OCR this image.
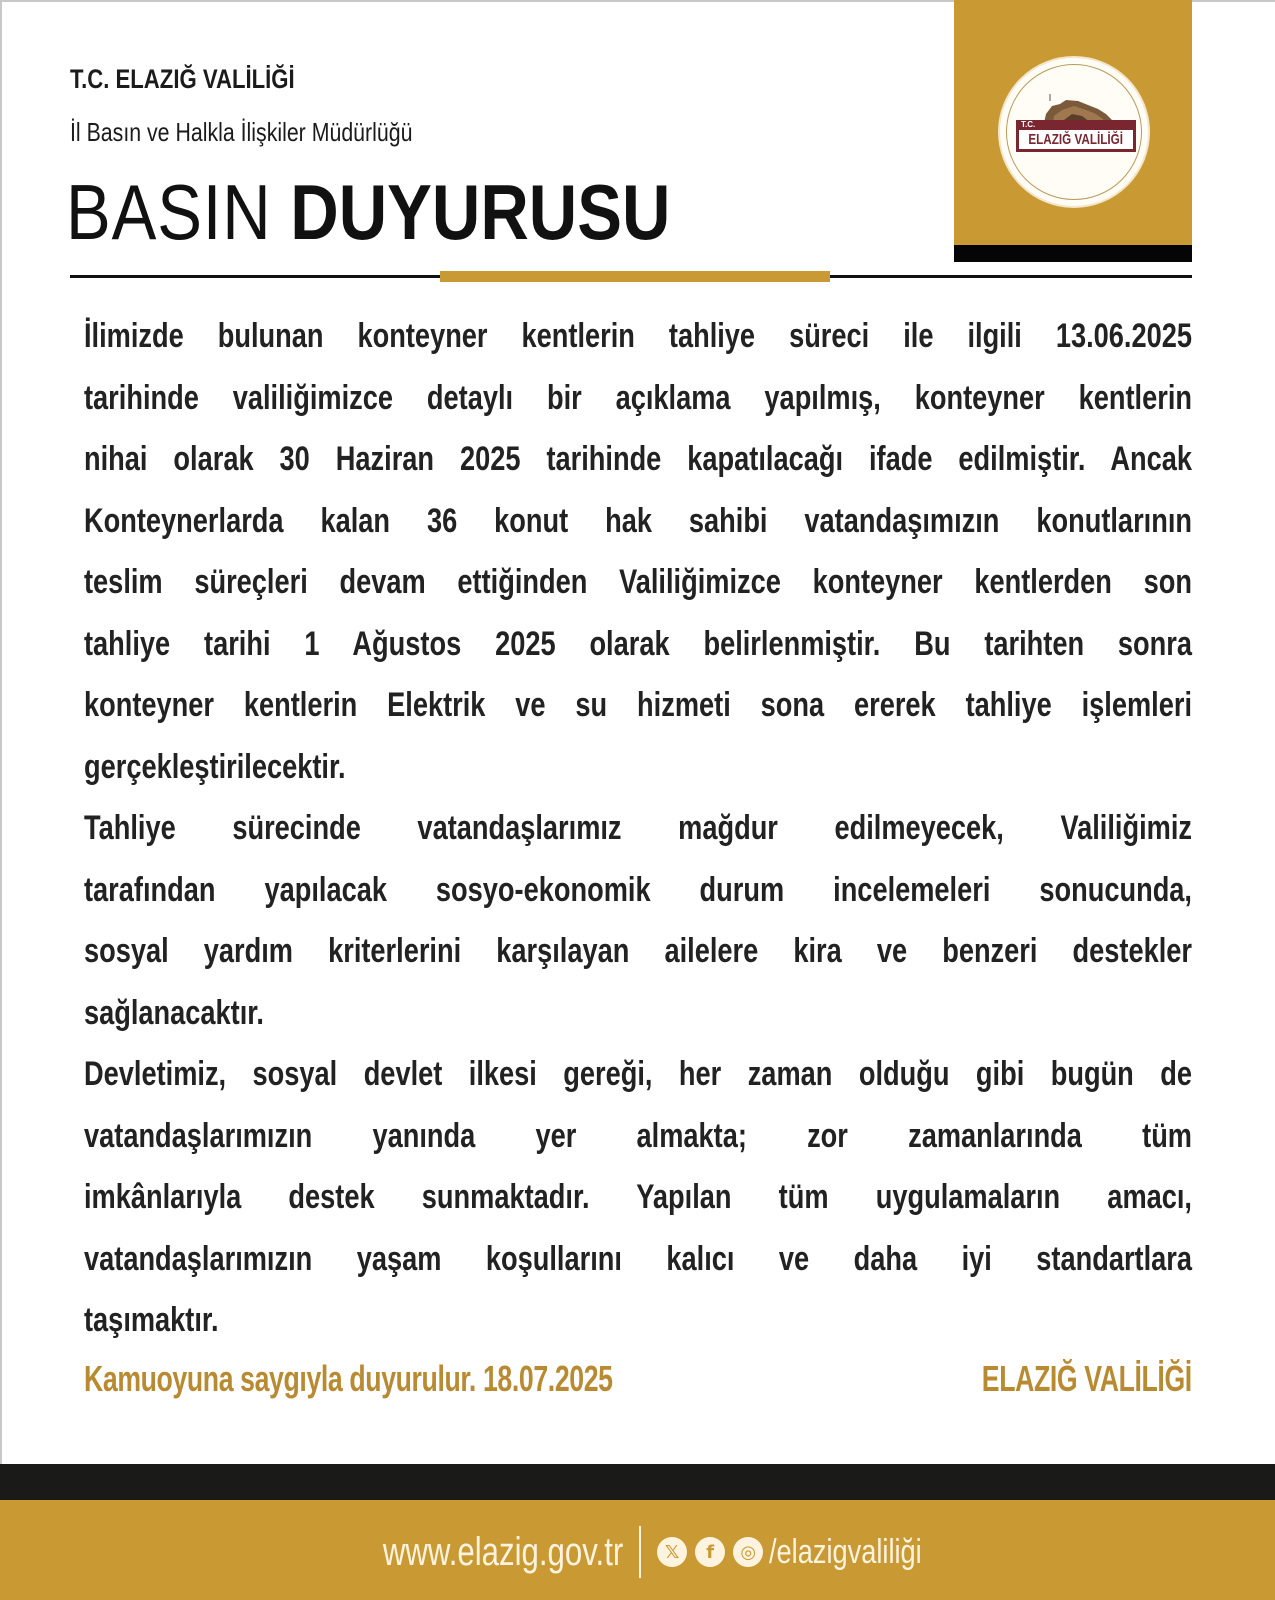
T.C. ELAZIĞ VALİLİĞİ
İl Basın ve Halkla İlişkiler Müdürlüğü
BASIN DUYURUSU
T.C.
ELAZIĞ VALİLİĞİ
İlimizde bulunan konteyner kentlerin tahliye süreci ile ilgili 13.06.2025
tarihinde valiliğimizce detaylı bir açıklama yapılmış, konteyner kentlerin
nihai olarak 30 Haziran 2025 tarihinde kapatılacağı ifade edilmiştir. Ancak
Konteynerlarda kalan 36 konut hak sahibi vatandaşımızın konutlarının
teslim süreçleri devam ettiğinden Valiliğimizce konteyner kentlerden son
tahliye tarihi 1 Ağustos 2025 olarak belirlenmiştir. Bu tarihten sonra
konteyner kentlerin Elektrik ve su hizmeti sona ererek tahliye işlemleri
gerçekleştirilecektir.
Tahliye sürecinde vatandaşlarımız mağdur edilmeyecek, Valiliğimiz
tarafından yapılacak sosyo-ekonomik durum incelemeleri sonucunda,
sosyal yardım kriterlerini karşılayan ailelere kira ve benzeri destekler
sağlanacaktır.
Devletimiz, sosyal devlet ilkesi gereği, her zaman olduğu gibi bugün de
vatandaşlarımızın yanında yer almakta; zor zamanlarında tüm
imkânlarıyla destek sunmaktadır. Yapılan tüm uygulamaların amacı,
vatandaşlarımızın yaşam koşullarını kalıcı ve daha iyi standartlara
taşımaktır.
Kamuoyuna saygıyla duyurulur. 18.07.2025	ELAZIĞ VALİLİĞİ
www.elazig.gov.tr	𝕏	f	◎ /elazigvaliliği
